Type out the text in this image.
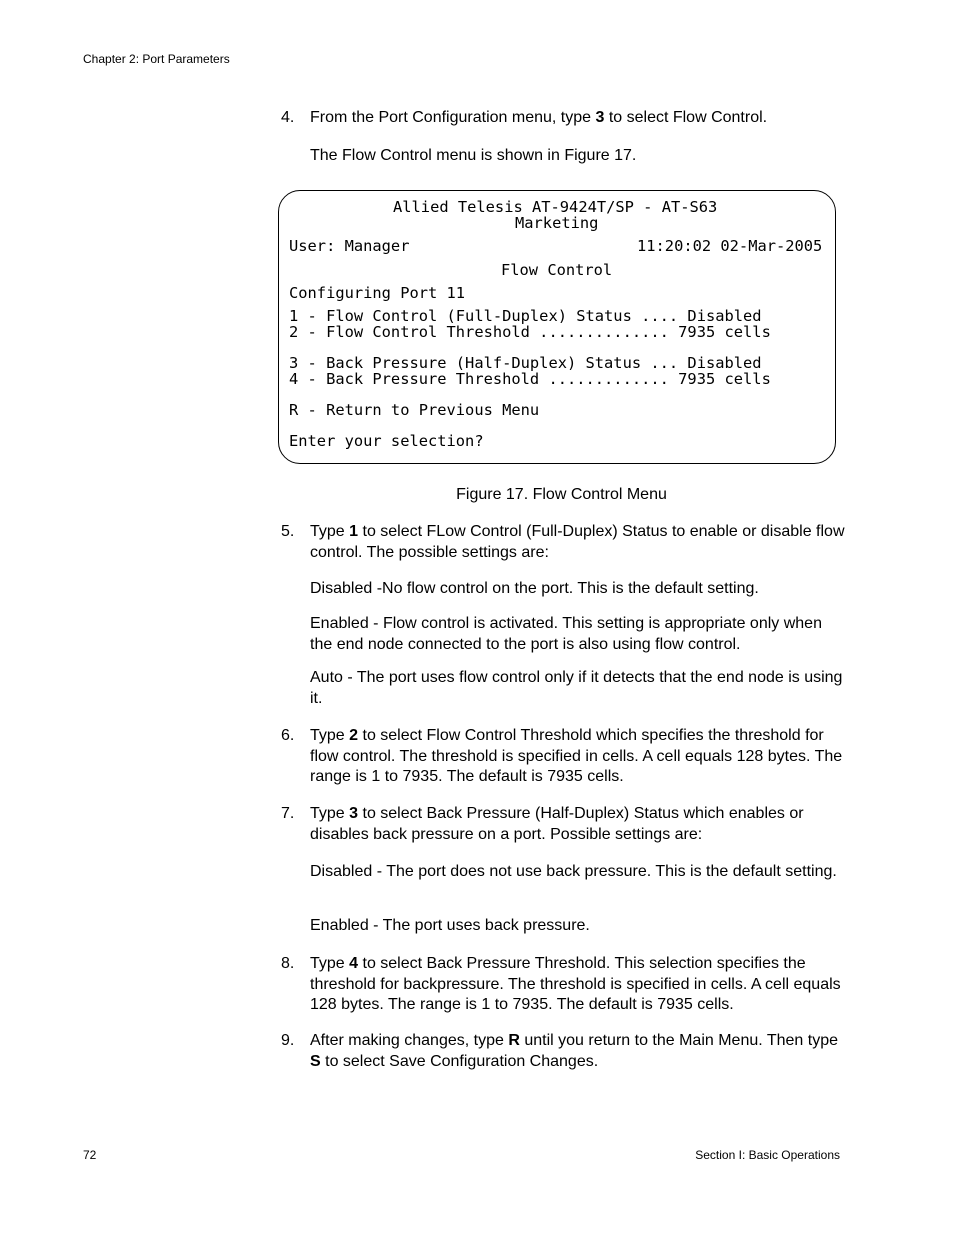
Chapter 2: Port Parameters
4. From the Port Configuration menu, type 3 to select Flow Control.
The Flow Control menu is shown in Figure 17.
Allied Telesis AT-9424T/SP - AT-S63
Marketing
User: Manager	11:20:02 02-Mar-2005
Flow Control
Configuring Port 11
1 - Flow Control (Full-Duplex) Status .... Disabled
2 - Flow Control Threshold .............. 7935 cells
3 - Back Pressure (Half-Duplex) Status ... Disabled
4 - Back Pressure Threshold ............. 7935 cells
R - Return to Previous Menu
Enter your selection?
Figure 17. Flow Control Menu
5. Type 1 to select FLow Control (Full-Duplex) Status to enable or disable flow control. The possible settings are:
Disabled -No flow control on the port. This is the default setting.
Enabled - Flow control is activated. This setting is appropriate only when the end node connected to the port is also using flow control.
Auto - The port uses flow control only if it detects that the end node is using it.
6. Type 2 to select Flow Control Threshold which specifies the threshold for flow control. The threshold is specified in cells. A cell equals 128 bytes. The range is 1 to 7935. The default is 7935 cells.
7. Type 3 to select Back Pressure (Half-Duplex) Status which enables or disables back pressure on a port. Possible settings are:
Disabled - The port does not use back pressure. This is the default setting.
Enabled - The port uses back pressure.
8. Type 4 to select Back Pressure Threshold. This selection specifies the threshold for backpressure. The threshold is specified in cells. A cell equals 128 bytes. The range is 1 to 7935. The default is 7935 cells.
9. After making changes, type R until you return to the Main Menu. Then type S to select Save Configuration Changes.
72	Section I: Basic Operations
